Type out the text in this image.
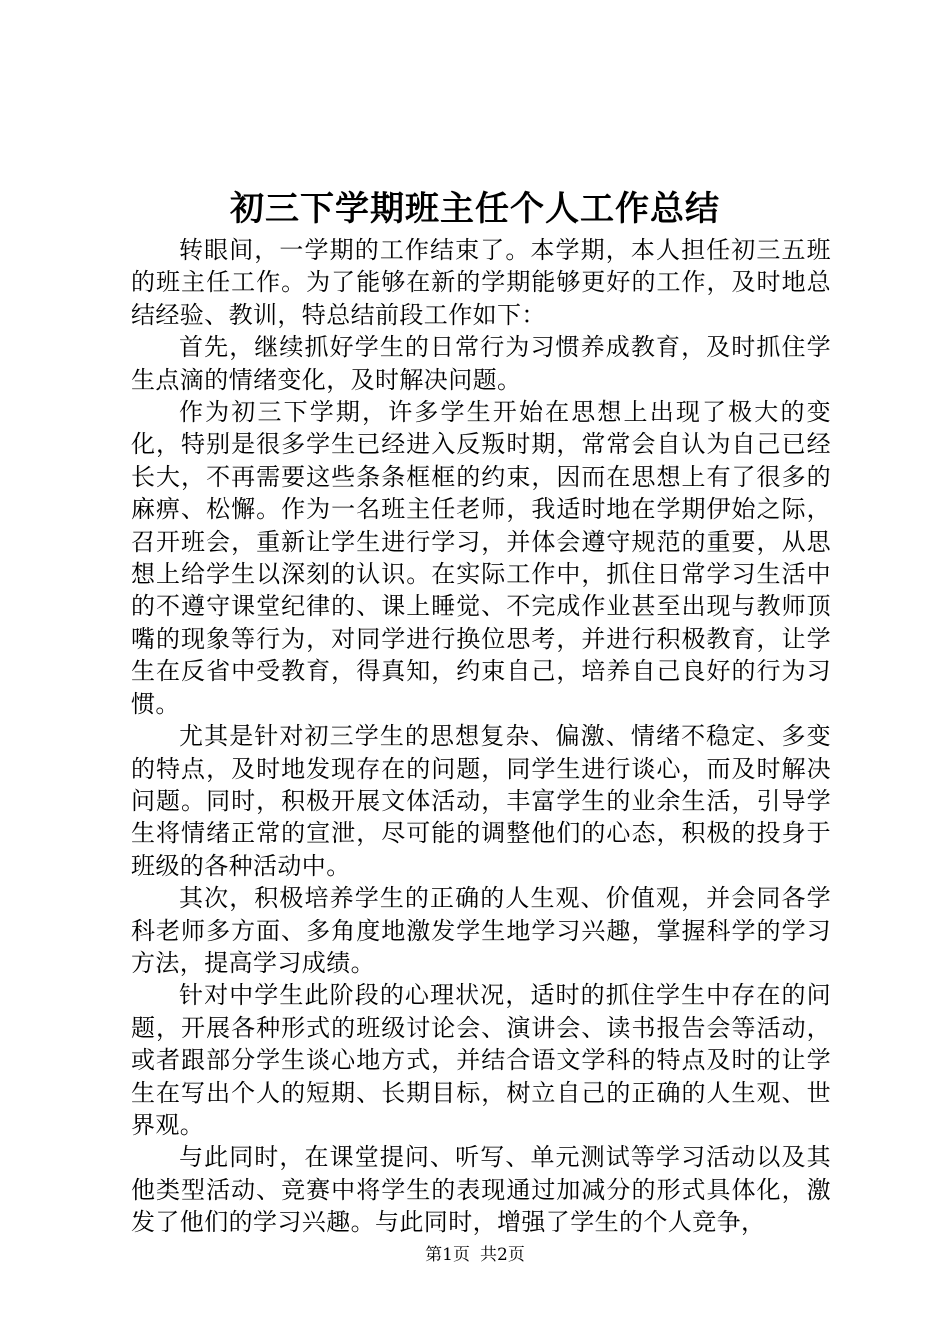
初三下学期班主任个人工作总结

转眼间，一学期的工作结束了。本学期，本人担任初三五班的班主任工作。为了能够在新的学期能够更好的工作，及时地总结经验、教训，特总结前段工作如下：

首先，继续抓好学生的日常行为习惯养成教育，及时抓住学生点滴的情绪变化，及时解决问题。

作为初三下学期，许多学生开始在思想上出现了极大的变化，特别是很多学生已经进入反叛时期，常常会自认为自己已经长大，不再需要这些条条框框的约束，因而在思想上有了很多的麻痹、松懈。作为一名班主任老师，我适时地在学期伊始之际，召开班会，重新让学生进行学习，并体会遵守规范的重要，从思想上给学生以深刻的认识。在实际工作中，抓住日常学习生活中的不遵守课堂纪律的、课上睡觉、不完成作业甚至出现与教师顶嘴的现象等行为，对同学进行换位思考，并进行积极教育，让学生在反省中受教育，得真知，约束自己，培养自己良好的行为习惯。

尤其是针对初三学生的思想复杂、偏激、情绪不稳定、多变的特点，及时地发现存在的问题，同学生进行谈心，而及时解决问题。同时，积极开展文体活动，丰富学生的业余生活，引导学生将情绪正常的宣泄，尽可能的调整他们的心态，积极的投身于班级的各种活动中。

其次，积极培养学生的正确的人生观、价值观，并会同各学科老师多方面、多角度地激发学生地学习兴趣，掌握科学的学习方法，提高学习成绩。

针对中学生此阶段的心理状况，适时的抓住学生中存在的问题，开展各种形式的班级讨论会、演讲会、读书报告会等活动，或者跟部分学生谈心地方式，并结合语文学科的特点及时的让学生在写出个人的短期、长期目标，树立自己的正确的人生观、世界观。

与此同时，在课堂提问、听写、单元测试等学习活动以及其他类型活动、竞赛中将学生的表现通过加减分的形式具体化，激发了他们的学习兴趣。与此同时，增强了学生的个人竞争，

第1页 共2页
